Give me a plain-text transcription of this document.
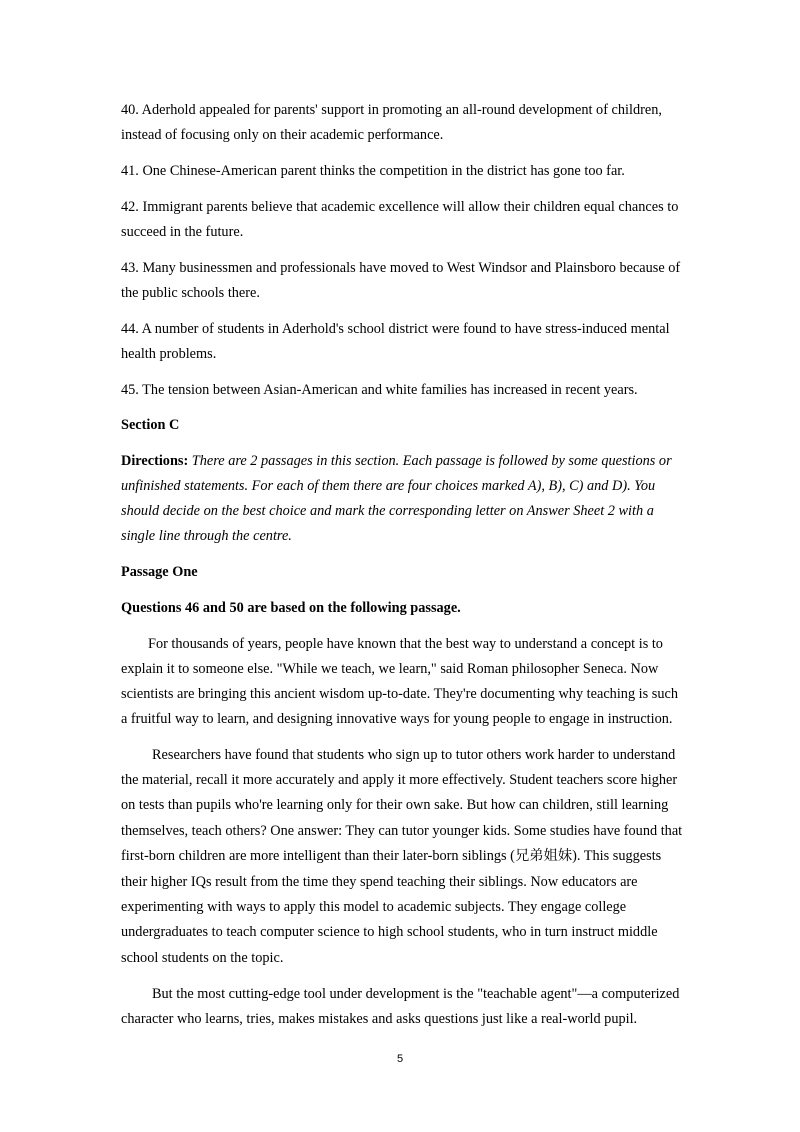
40. Aderhold appealed for parents' support in promoting an all-round development of children,

instead of focusing only on their academic performance.

41. One Chinese-American parent thinks the competition in the district has gone too far.

42. Immigrant parents believe that academic excellence will allow their children equal chances to

succeed in the future.

43. Many businessmen and professionals have moved to West Windsor and Plainsboro because of

the public schools there.

44. A number of students in Aderhold's school district were found to have stress-induced mental

health problems.

45. The tension between Asian-American and white families has increased in recent years.

Section C

Directions: There are 2 passages in this section. Each passage is followed by some questions or

unfinished statements. For each of them there are four choices marked A), B), C) and D). You

should decide on the best choice and mark the corresponding letter on Answer Sheet 2 with a

single line through the centre.

Passage One

Questions 46 and 50 are based on the following passage.

For thousands of years, people have known that the best way to understand a concept is to

explain it to someone else. "While we teach, we learn," said Roman philosopher Seneca. Now

scientists are bringing this ancient wisdom up-to-date. They're documenting why teaching is such

a fruitful way to learn, and designing innovative ways for young people to engage in instruction.

Researchers have found that students who sign up to tutor others work harder to understand

the material, recall it more accurately and apply it more effectively. Student teachers score higher

on tests than pupils who're learning only for their own sake. But how can children, still learning

themselves, teach others? One answer: They can tutor younger kids. Some studies have found that

first-born children are more intelligent than their later-born siblings (兄弟姐妹). This suggests

their higher IQs result from the time they spend teaching their siblings. Now educators are

experimenting with ways to apply this model to academic subjects. They engage college

undergraduates to teach computer science to high school students, who in turn instruct middle

school students on the topic.

But the most cutting-edge tool under development is the "teachable agent"—a computerized

character who learns, tries, makes mistakes and asks questions just like a real-world pupil.

5
